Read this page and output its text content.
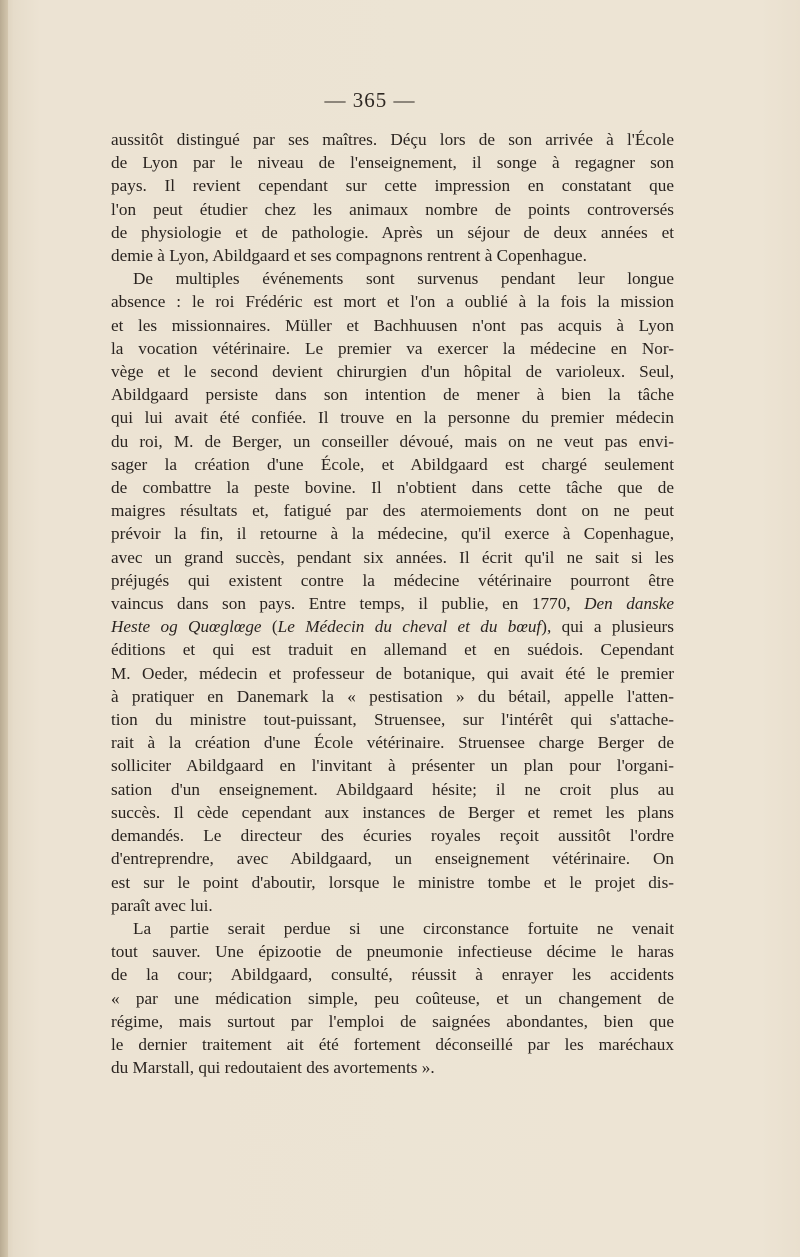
— 365 —

aussitôt distingué par ses maîtres. Déçu lors de son arrivée à l'École
de Lyon par le niveau de l'enseignement, il songe à regagner son
pays. Il revient cependant sur cette impression en constatant que
l'on peut étudier chez les animaux nombre de points controversés
de physiologie et de pathologie. Après un séjour de deux années et
demie à Lyon, Abildgaard et ses compagnons rentrent à Copenhague.

De multiples événements sont survenus pendant leur longue
absence : le roi Frédéric est mort et l'on a oublié à la fois la mission
et les missionnaires. Müller et Bachhuusen n'ont pas acquis à Lyon
la vocation vétérinaire. Le premier va exercer la médecine en Nor-
vège et le second devient chirurgien d'un hôpital de varioleux. Seul,
Abildgaard persiste dans son intention de mener à bien la tâche
qui lui avait été confiée. Il trouve en la personne du premier médecin
du roi, M. de Berger, un conseiller dévoué, mais on ne veut pas envi-
sager la création d'une École, et Abildgaard est chargé seulement
de combattre la peste bovine. Il n'obtient dans cette tâche que de
maigres résultats et, fatigué par des atermoiements dont on ne peut
prévoir la fin, il retourne à la médecine, qu'il exerce à Copenhague,
avec un grand succès, pendant six années. Il écrit qu'il ne sait si les
préjugés qui existent contre la médecine vétérinaire pourront être
vaincus dans son pays. Entre temps, il publie, en 1770, Den danske
Heste og Quœglœge (Le Médecin du cheval et du bœuf), qui a plusieurs
éditions et qui est traduit en allemand et en suédois. Cependant
M. Oeder, médecin et professeur de botanique, qui avait été le premier
à pratiquer en Danemark la « pestisation » du bétail, appelle l'atten-
tion du ministre tout-puissant, Struensee, sur l'intérêt qui s'attache-
rait à la création d'une École vétérinaire. Struensee charge Berger de
solliciter Abildgaard en l'invitant à présenter un plan pour l'organi-
sation d'un enseignement. Abildgaard hésite; il ne croit plus au
succès. Il cède cependant aux instances de Berger et remet les plans
demandés. Le directeur des écuries royales reçoit aussitôt l'ordre
d'entreprendre, avec Abildgaard, un enseignement vétérinaire. On
est sur le point d'aboutir, lorsque le ministre tombe et le projet dis-
paraît avec lui.

La partie serait perdue si une circonstance fortuite ne venait
tout sauver. Une épizootie de pneumonie infectieuse décime le haras
de la cour; Abildgaard, consulté, réussit à enrayer les accidents
« par une médication simple, peu coûteuse, et un changement de
régime, mais surtout par l'emploi de saignées abondantes, bien que
le dernier traitement ait été fortement déconseillé par les maréchaux
du Marstall, qui redoutaient des avortements ».
